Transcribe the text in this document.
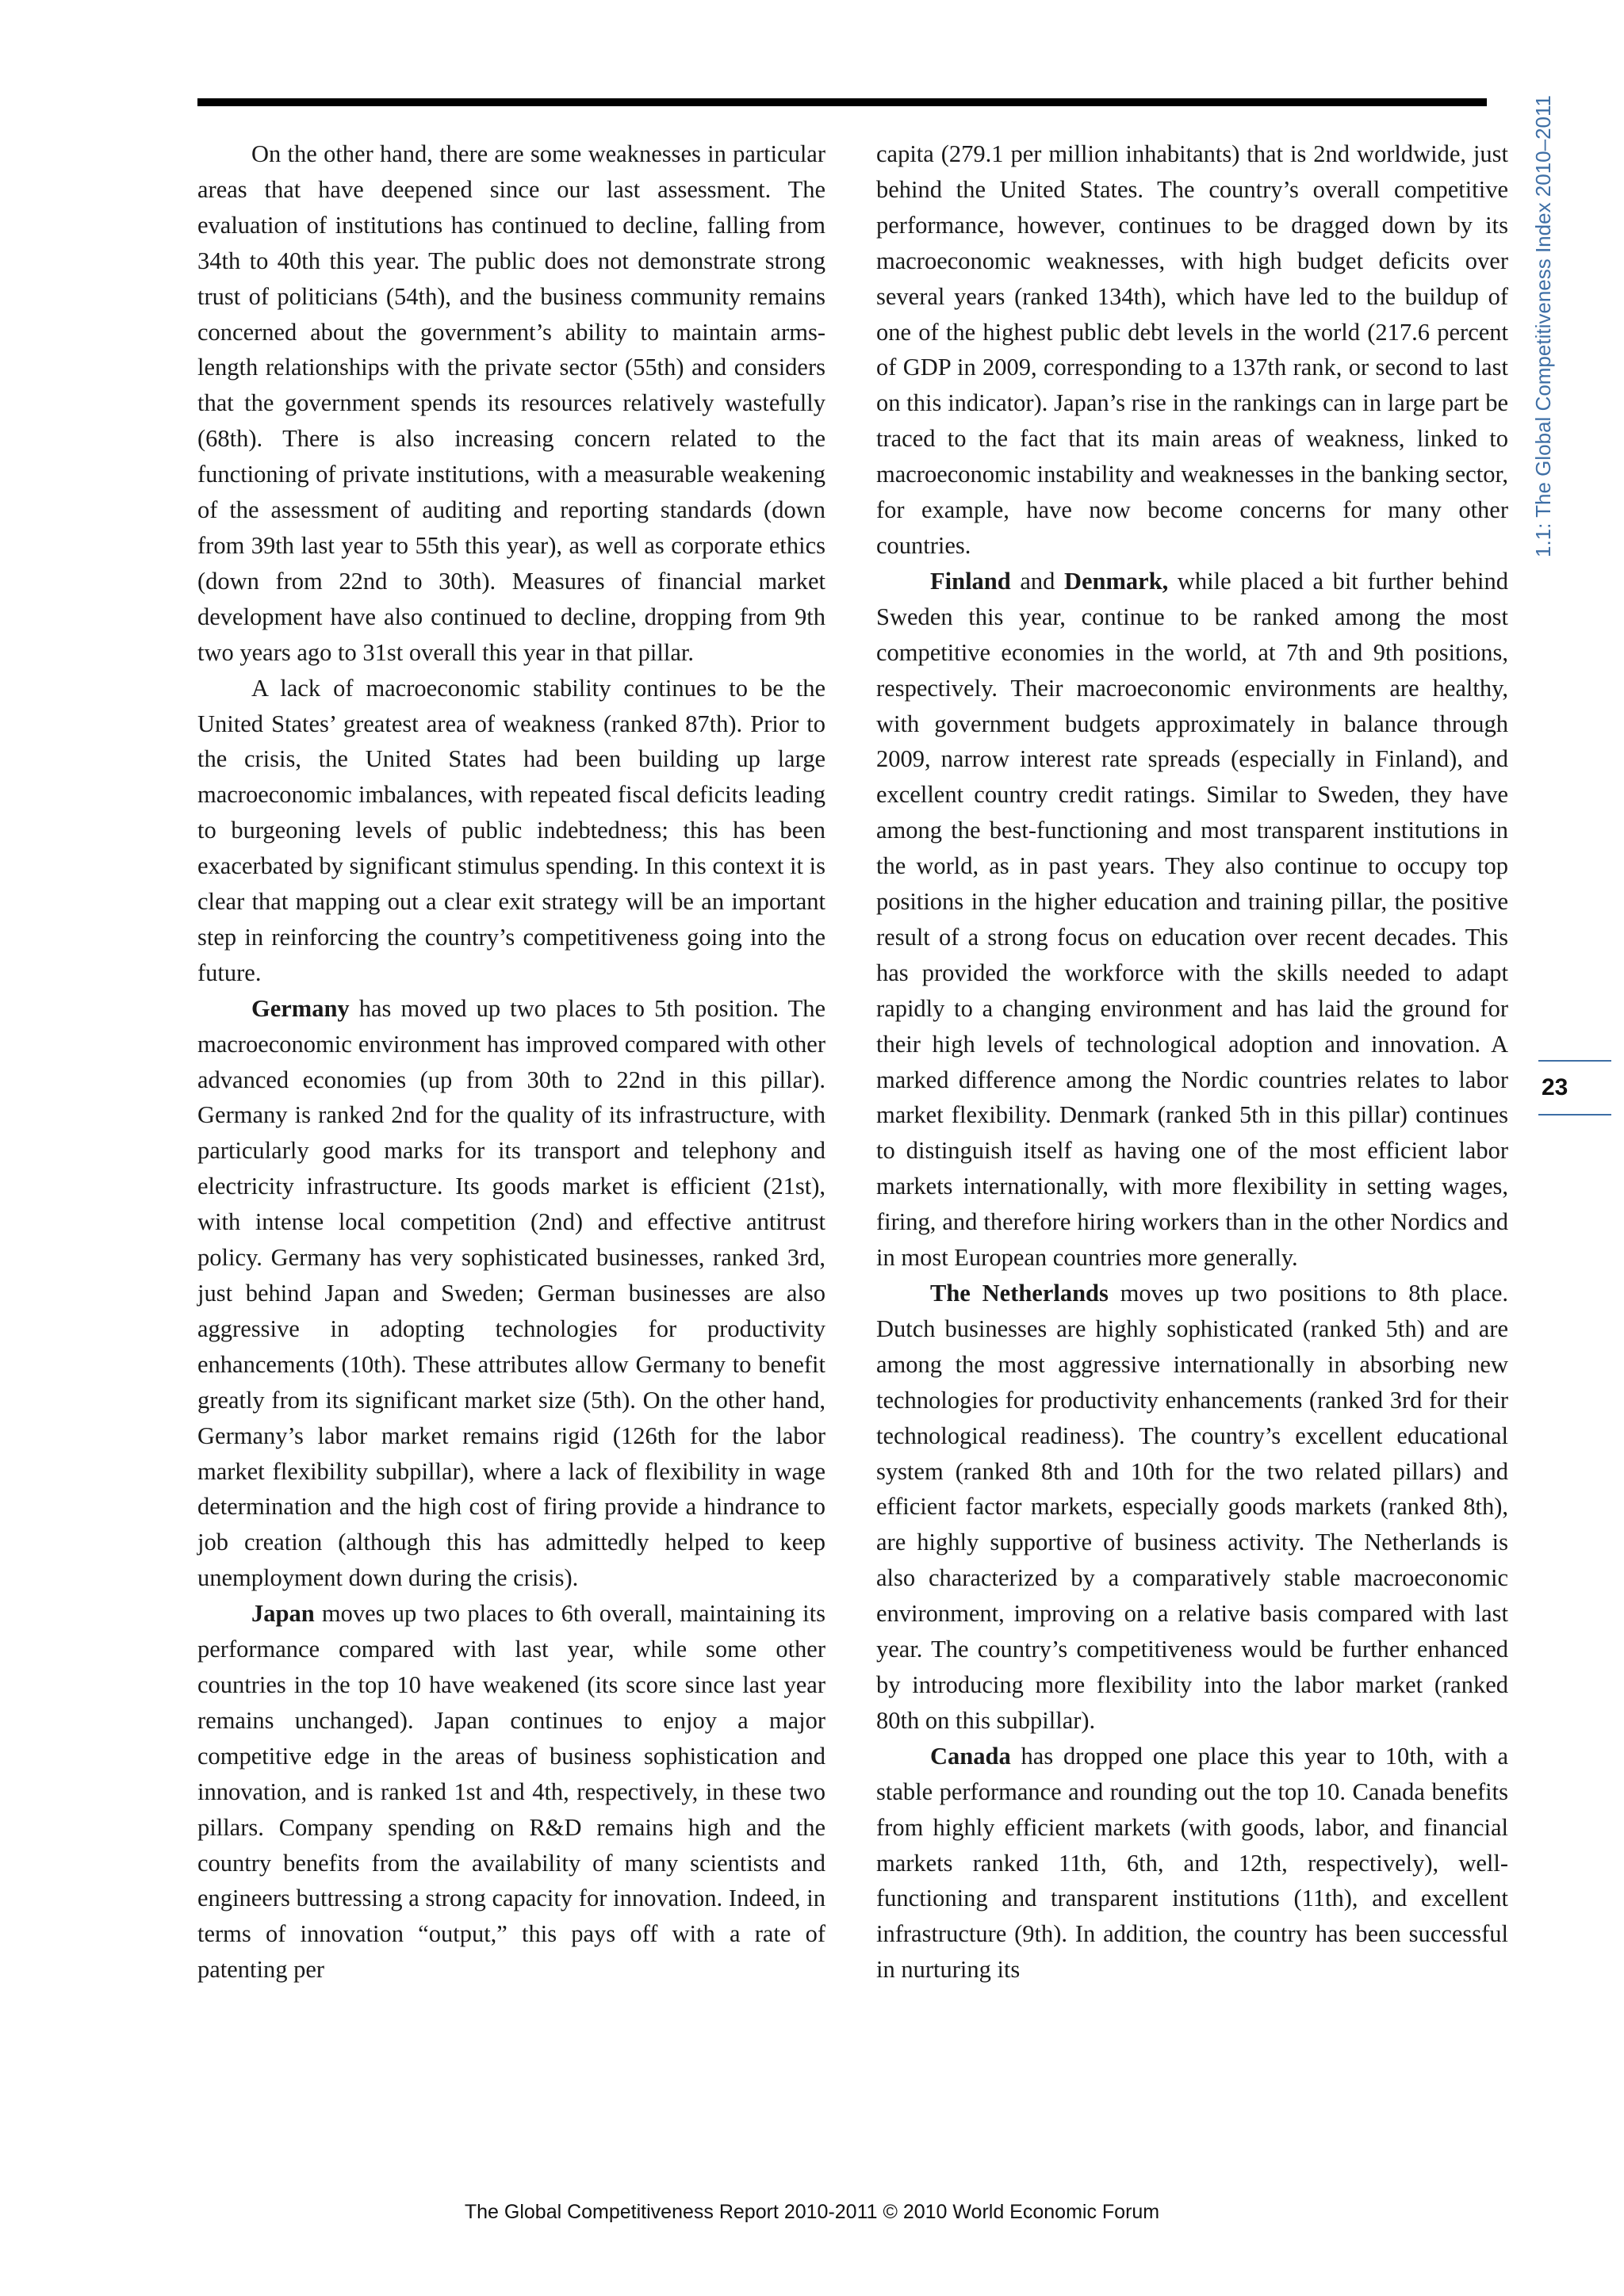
On the other hand, there are some weaknesses in particular areas that have deepened since our last assessment. The evaluation of institutions has continued to decline, falling from 34th to 40th this year. The public does not demonstrate strong trust of politicians (54th), and the business community remains concerned about the government’s ability to maintain arms-length relationships with the private sector (55th) and considers that the government spends its resources relatively wastefully (68th). There is also increasing concern related to the functioning of private institutions, with a measurable weakening of the assessment of auditing and reporting standards (down from 39th last year to 55th this year), as well as corporate ethics (down from 22nd to 30th). Measures of financial market development have also continued to decline, dropping from 9th two years ago to 31st overall this year in that pillar.

A lack of macroeconomic stability continues to be the United States’ greatest area of weakness (ranked 87th). Prior to the crisis, the United States had been building up large macroeconomic imbalances, with repeated fiscal deficits leading to burgeoning levels of public indebtedness; this has been exacerbated by significant stimulus spending. In this context it is clear that mapping out a clear exit strategy will be an important step in reinforcing the country’s competitiveness going into the future.

Germany has moved up two places to 5th position. The macroeconomic environment has improved compared with other advanced economies (up from 30th to 22nd in this pillar). Germany is ranked 2nd for the quality of its infrastructure, with particularly good marks for its transport and telephony and electricity infrastructure. Its goods market is efficient (21st), with intense local competition (2nd) and effective antitrust policy. Germany has very sophisticated businesses, ranked 3rd, just behind Japan and Sweden; German businesses are also aggressive in adopting technologies for productivity enhancements (10th). These attributes allow Germany to benefit greatly from its significant market size (5th). On the other hand, Germany’s labor market remains rigid (126th for the labor market flexibility subpillar), where a lack of flexibility in wage determination and the high cost of firing provide a hindrance to job creation (although this has admittedly helped to keep unemployment down during the crisis).

Japan moves up two places to 6th overall, maintaining its performance compared with last year, while some other countries in the top 10 have weakened (its score since last year remains unchanged). Japan continues to enjoy a major competitive edge in the areas of business sophistication and innovation, and is ranked 1st and 4th, respectively, in these two pillars. Company spending on R&D remains high and the country benefits from the availability of many scientists and engineers buttressing a strong capacity for innovation. Indeed, in terms of innovation “output,” this pays off with a rate of patenting per

capita (279.1 per million inhabitants) that is 2nd worldwide, just behind the United States. The country’s overall competitive performance, however, continues to be dragged down by its macroeconomic weaknesses, with high budget deficits over several years (ranked 134th), which have led to the buildup of one of the highest public debt levels in the world (217.6 percent of GDP in 2009, corresponding to a 137th rank, or second to last on this indicator). Japan’s rise in the rankings can in large part be traced to the fact that its main areas of weakness, linked to macroeconomic instability and weaknesses in the banking sector, for example, have now become concerns for many other countries.

Finland and Denmark, while placed a bit further behind Sweden this year, continue to be ranked among the most competitive economies in the world, at 7th and 9th positions, respectively. Their macroeconomic environments are healthy, with government budgets approximately in balance through 2009, narrow interest rate spreads (especially in Finland), and excellent country credit ratings. Similar to Sweden, they have among the best-functioning and most transparent institutions in the world, as in past years. They also continue to occupy top positions in the higher education and training pillar, the positive result of a strong focus on education over recent decades. This has provided the workforce with the skills needed to adapt rapidly to a changing environment and has laid the ground for their high levels of technological adoption and innovation. A marked difference among the Nordic countries relates to labor market flexibility. Denmark (ranked 5th in this pillar) continues to distinguish itself as having one of the most efficient labor markets internationally, with more flexibility in setting wages, firing, and therefore hiring workers than in the other Nordics and in most European countries more generally.

The Netherlands moves up two positions to 8th place. Dutch businesses are highly sophisticated (ranked 5th) and are among the most aggressive internationally in absorbing new technologies for productivity enhancements (ranked 3rd for their technological readiness). The country’s excellent educational system (ranked 8th and 10th for the two related pillars) and efficient factor markets, especially goods markets (ranked 8th), are highly supportive of business activity. The Netherlands is also characterized by a comparatively stable macroeconomic environment, improving on a relative basis compared with last year. The country’s competitiveness would be further enhanced by introducing more flexibility into the labor market (ranked 80th on this subpillar).

Canada has dropped one place this year to 10th, with a stable performance and rounding out the top 10. Canada benefits from highly efficient markets (with goods, labor, and financial markets ranked 11th, 6th, and 12th, respectively), well-functioning and transparent institutions (11th), and excellent infrastructure (9th). In addition, the country has been successful in nurturing its

1.1: The Global Competitiveness Index 2010–2011
23
The Global Competitiveness Report 2010-2011 © 2010 World Economic Forum
